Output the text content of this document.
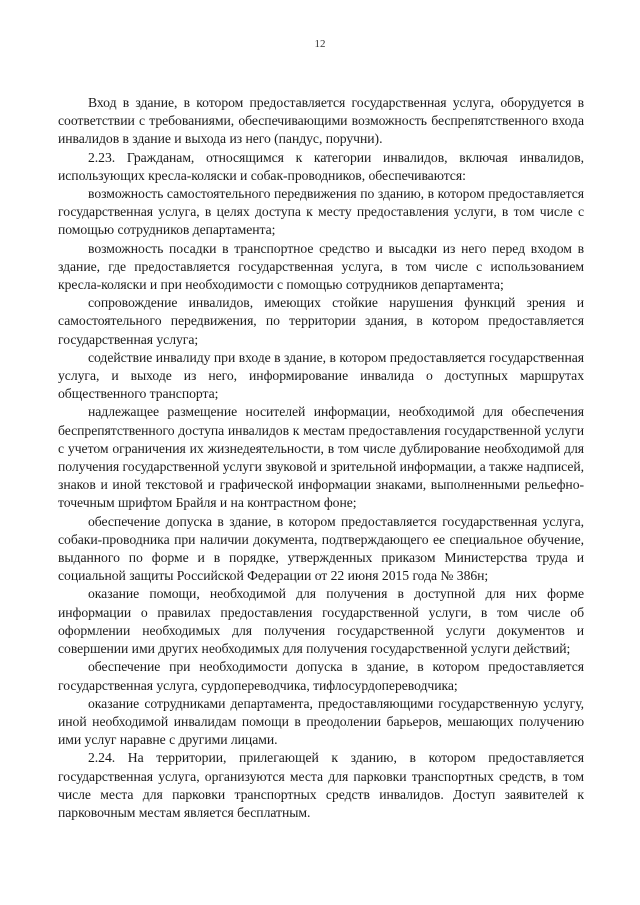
12

Вход в здание, в котором предоставляется государственная услуга, оборудуется в соответствии с требованиями, обеспечивающими возможность беспрепятственного входа инвалидов в здание и выхода из него (пандус, поручни).

2.23. Гражданам, относящимся к категории инвалидов, включая инвалидов, использующих кресла-коляски и собак-проводников, обеспечиваются:

возможность самостоятельного передвижения по зданию, в котором предоставляется государственная услуга, в целях доступа к месту предоставления услуги, в том числе с помощью сотрудников департамента;

возможность посадки в транспортное средство и высадки из него перед входом в здание, где предоставляется государственная услуга, в том числе с использованием кресла-коляски и при необходимости с помощью сотрудников департамента;

сопровождение инвалидов, имеющих стойкие нарушения функций зрения и самостоятельного передвижения, по территории здания, в котором предоставляется государственная услуга;

содействие инвалиду при входе в здание, в котором предоставляется государственная услуга, и выходе из него, информирование инвалида о доступных маршрутах общественного транспорта;

надлежащее размещение носителей информации, необходимой для обеспечения беспрепятственного доступа инвалидов к местам предоставления государственной услуги с учетом ограничения их жизнедеятельности, в том числе дублирование необходимой для получения государственной услуги звуковой и зрительной информации, а также надписей, знаков и иной текстовой и графической информации знаками, выполненными рельефно-точечным шрифтом Брайля и на контрастном фоне;

обеспечение допуска в здание, в котором предоставляется государственная услуга, собаки-проводника при наличии документа, подтверждающего ее специальное обучение, выданного по форме и в порядке, утвержденных приказом Министерства труда и социальной защиты Российской Федерации от 22 июня 2015 года № 386н;

оказание помощи, необходимой для получения в доступной для них форме информации о правилах предоставления государственной услуги, в том числе об оформлении необходимых для получения государственной услуги документов и совершении ими других необходимых для получения государственной услуги действий;

обеспечение при необходимости допуска в здание, в котором предоставляется государственная услуга, сурдопереводчика, тифлосурдопереводчика;

оказание сотрудниками департамента, предоставляющими государственную услугу, иной необходимой инвалидам помощи в преодолении барьеров, мешающих получению ими услуг наравне с другими лицами.

2.24. На территории, прилегающей к зданию, в котором предоставляется государственная услуга, организуются места для парковки транспортных средств, в том числе места для парковки транспортных средств инвалидов. Доступ заявителей к парковочным местам является бесплатным.
